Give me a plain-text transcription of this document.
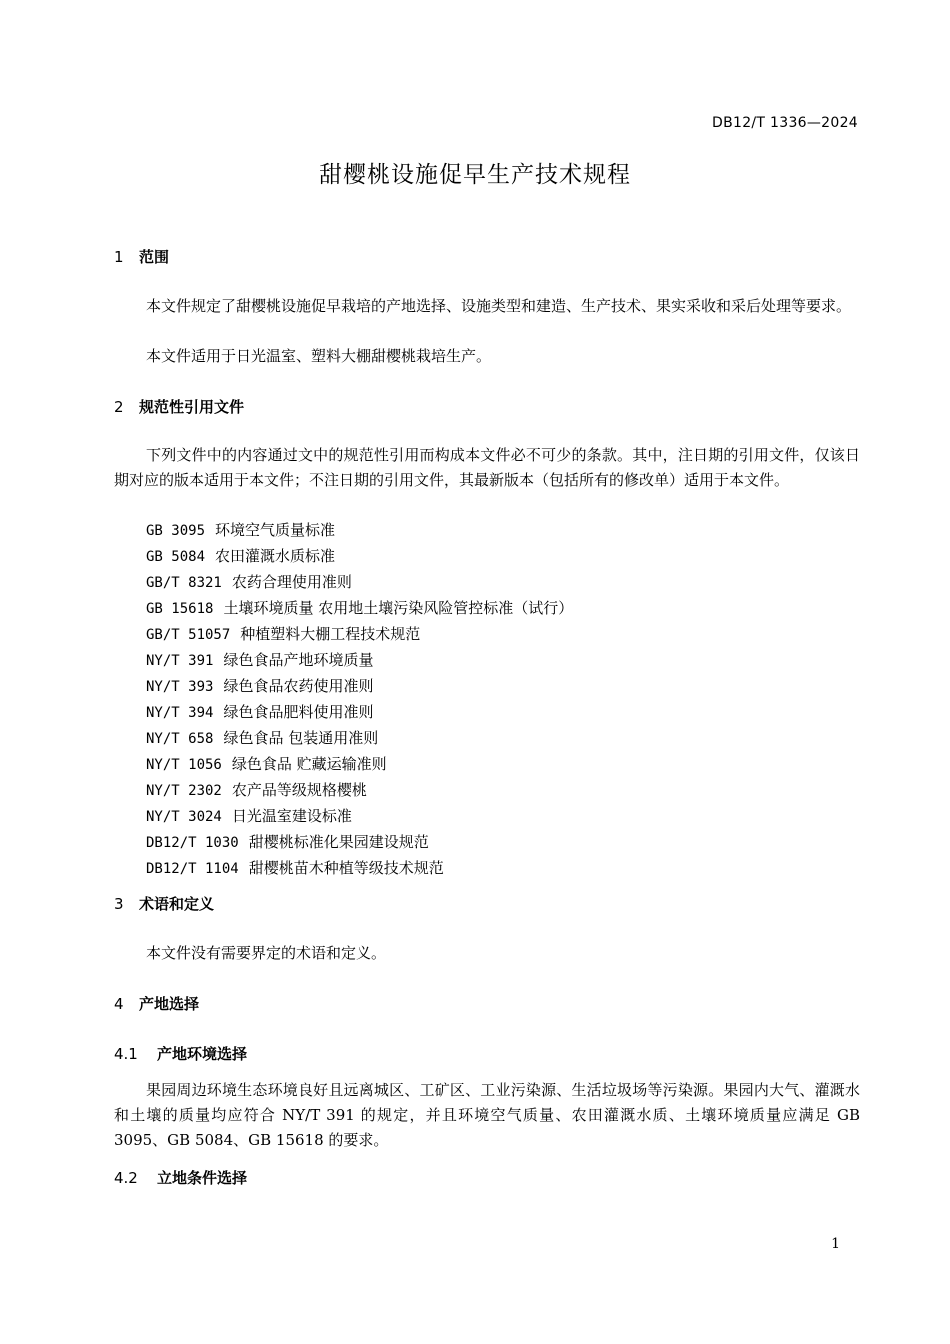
DB12/T 1336—2024
甜樱桃设施促早生产技术规程
1 范围
本文件规定了甜樱桃设施促早栽培的产地选择、设施类型和建造、生产技术、果实采收和采后处理等要求。
本文件适用于日光温室、塑料大棚甜樱桃栽培生产。
2 规范性引用文件
下列文件中的内容通过文中的规范性引用而构成本文件必不可少的条款。其中，注日期的引用文件，仅该日期对应的版本适用于本文件；不注日期的引用文件，其最新版本（包括所有的修改单）适用于本文件。
GB 3095 环境空气质量标准
GB 5084 农田灌溉水质标准
GB/T 8321 农药合理使用准则
GB 15618 土壤环境质量 农用地土壤污染风险管控标准（试行）
GB/T 51057 种植塑料大棚工程技术规范
NY/T 391 绿色食品产地环境质量
NY/T 393 绿色食品农药使用准则
NY/T 394 绿色食品肥料使用准则
NY/T 658 绿色食品 包装通用准则
NY/T 1056 绿色食品 贮藏运输准则
NY/T 2302 农产品等级规格樱桃
NY/T 3024 日光温室建设标准
DB12/T 1030 甜樱桃标准化果园建设规范
DB12/T 1104 甜樱桃苗木种植等级技术规范
3 术语和定义
本文件没有需要界定的术语和定义。
4 产地选择
4.1 产地环境选择
果园周边环境生态环境良好且远离城区、工矿区、工业污染源、生活垃圾场等污染源。果园内大气、灌溉水和土壤的质量均应符合 NY/T 391 的规定，并且环境空气质量、农田灌溉水质、土壤环境质量应满足 GB 3095、GB 5084、GB 15618 的要求。
4.2 立地条件选择
1
